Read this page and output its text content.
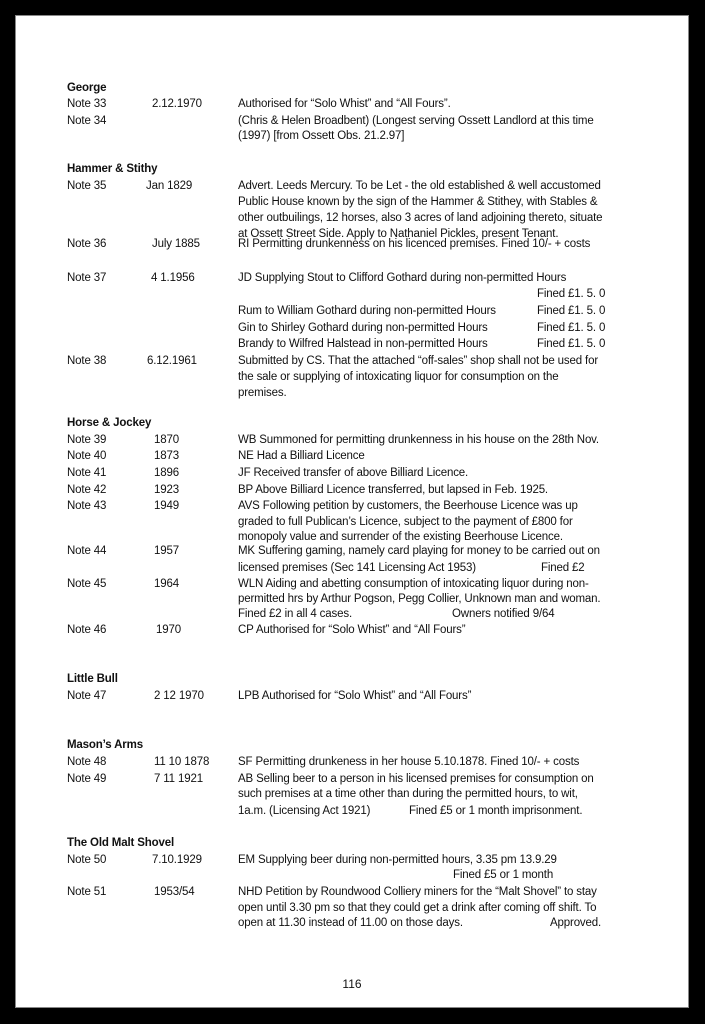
George
Note 33	2.12.1970	Authorised for “Solo Whist” and “All Fours”.
Note 34	(Chris & Helen Broadbent) (Longest serving Ossett Landlord at this time
(1997) [from Ossett Obs. 21.2.97]
Hammer & Stithy
Note 35	Jan 1829	Advert. Leeds Mercury. To be Let - the old established & well accustomed
Public House known by the sign of the Hammer & Stithey, with Stables &
other outbuilings, 12 horses, also 3 acres of land adjoining thereto, situate
at Ossett Street Side. Apply to Nathaniel Pickles, present Tenant.
Note 36	July 1885	RI Permitting drunkenness on his licenced premises. Fined 10/- + costs
Note 37	4 1.1956	JD Supplying Stout to Clifford Gothard during non-permitted Hours
Fined £1. 5. 0
Rum to William Gothard during non-permitted Hours	Fined £1. 5. 0
Gin to Shirley Gothard during non-permitted Hours	Fined £1. 5. 0
Brandy to Wilfred Halstead in non-permitted Hours	Fined £1. 5. 0
Note 38	6.12.1961	Submitted by CS. That the attached “off-sales” shop shall not be used for
the sale or supplying of intoxicating liquor for consumption on the
premises.
Horse & Jockey
Note 39	1870	WB Summoned for permitting drunkenness in his house on the 28th Nov.
Note 40	1873	NE Had a Billiard Licence
Note 41	1896	JF Received transfer of above Billiard Licence.
Note 42	1923	BP Above Billiard Licence transferred, but lapsed in Feb. 1925.
Note 43	1949	AVS Following petition by customers, the Beerhouse Licence was up
graded to full Publican’s Licence, subject to the payment of £800 for
monopoly value and surrender of the existing Beerhouse Licence.
Note 44	1957	MK Suffering gaming, namely card playing for money to be carried out on
licensed premises (Sec 141 Licensing Act 1953)	Fined £2
Note 45	1964	WLN Aiding and abetting consumption of intoxicating liquor during non-
permitted hrs by Arthur Pogson, Pegg Collier, Unknown man and woman.
Fined £2 in all 4 cases.	Owners notified 9/64
Note 46	1970	CP Authorised for “Solo Whist” and “All Fours”
Little Bull
Note 47	2 12 1970	LPB Authorised for “Solo Whist” and “All Fours”
Mason’s Arms
Note 48	11 10 1878	SF Permitting drunkeness in her house 5.10.1878. Fined 10/- + costs
Note 49	7 11 1921	AB Selling beer to a person in his licensed premises for consumption on
such premises at a time other than during the permitted hours, to wit,
1a.m. (Licensing Act 1921)	Fined £5 or 1 month imprisonment.
The Old Malt Shovel
Note 50	7.10.1929	EM Supplying beer during non-permitted hours, 3.35 pm 13.9.29
Fined £5 or 1 month
Note 51	1953/54	NHD Petition by Roundwood Colliery miners for the “Malt Shovel” to stay
open until 3.30 pm so that they could get a drink after coming off shift. To
open at 11.30 instead of 11.00 on those days.	Approved.
116
